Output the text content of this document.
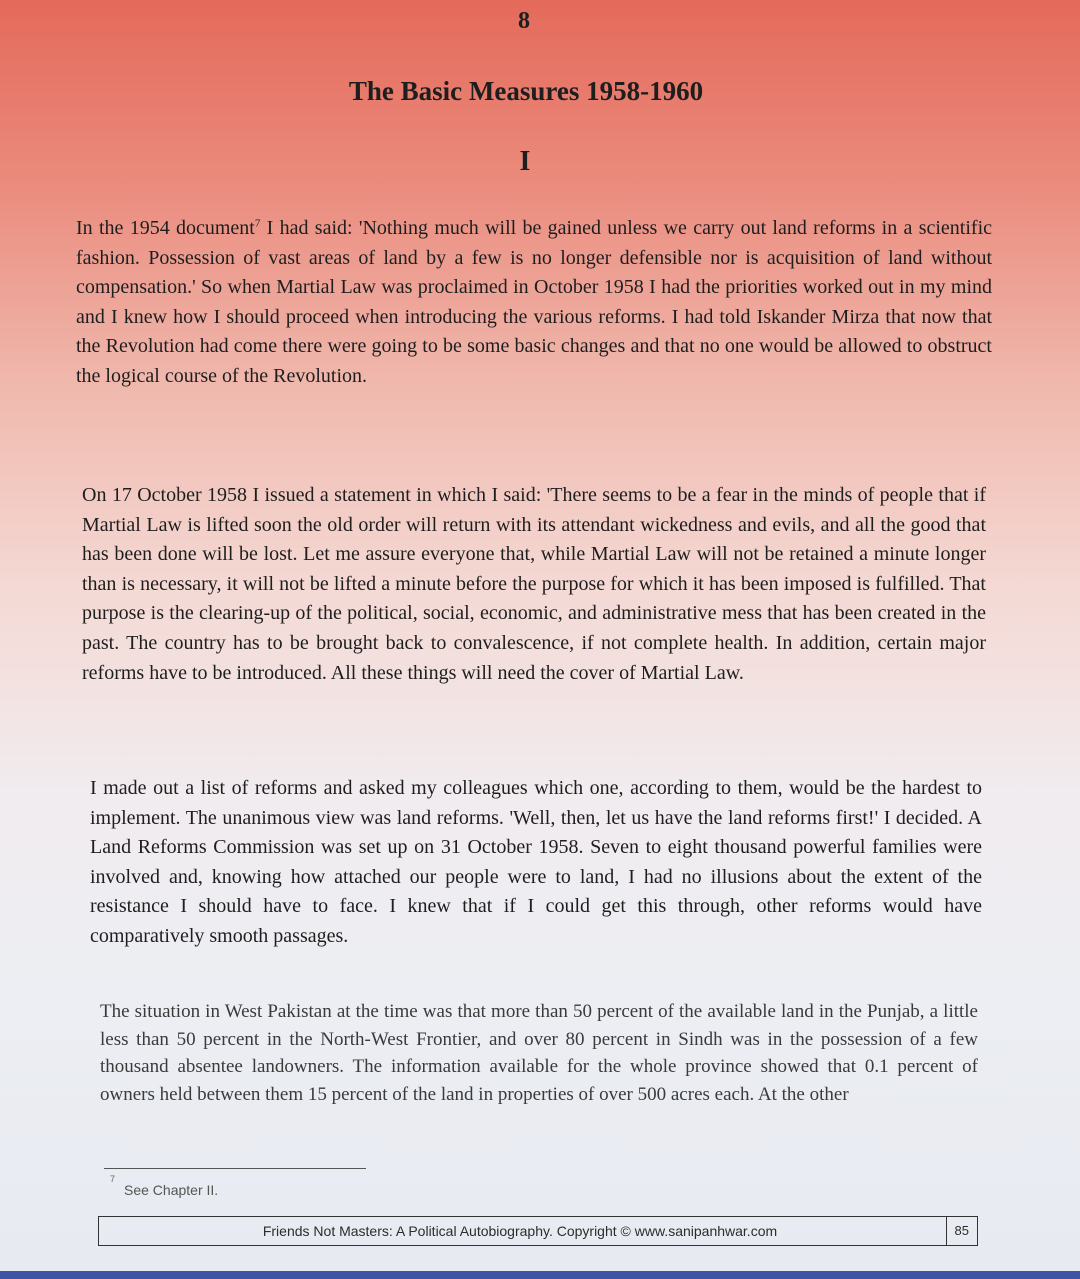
8
The Basic Measures 1958-1960
I

In the 1954 document$^7$ I had said: 'Nothing much will be gained unless we carry out land reforms in a scientific fashion. Possession of vast areas of land by a few is no longer defensible nor is acquisition of land without compensation.' So when Martial Law was proclaimed in October 1958 I had the priorities worked out in my mind and I knew how I should proceed when introducing the various reforms. I had told Iskander Mirza that now that the Revolution had come there were going to be some basic changes and that no one would be allowed to obstruct the logical course of the Revolution.

On 17 October 1958 I issued a statement in which I said: 'There seems to be a fear in the minds of people that if Martial Law is lifted soon the old order will return with its attendant wickedness and evils, and all the good that has been done will be lost. Let me assure everyone that, while Martial Law will not be retained a minute longer than is necessary, it will not be lifted a minute before the purpose for which it has been imposed is fulfilled. That purpose is the clearing-up of the political, social, economic, and administrative mess that has been created in the past. The country has to be brought back to convalescence, if not complete health. In addition, certain major reforms have to be introduced. All these things will need the cover of Martial Law.

I made out a list of reforms and asked my colleagues which one, according to them, would be the hardest to implement. The unanimous view was land reforms. 'Well, then, let us have the land reforms first!' I decided. A Land Reforms Commission was set up on 31 October 1958. Seven to eight thousand powerful families were involved and, knowing how attached our people were to land, I had no illusions about the extent of the resistance I should have to face. I knew that if I could get this through, other reforms would have comparatively smooth passages.

The situation in West Pakistan at the time was that more than 50 percent of the available land in the Punjab, a little less than 50 percent in the North-West Frontier, and over 80 percent in Sindh was in the possession of a few thousand absentee landowners. The information available for the whole province showed that 0.1 percent of owners held between them 15 percent of the land in properties of over 500 acres each. At the other

7
See Chapter II.
Friends Not Masters: A Political Autobiography. Copyright © www.sanipanhwar.com	85
